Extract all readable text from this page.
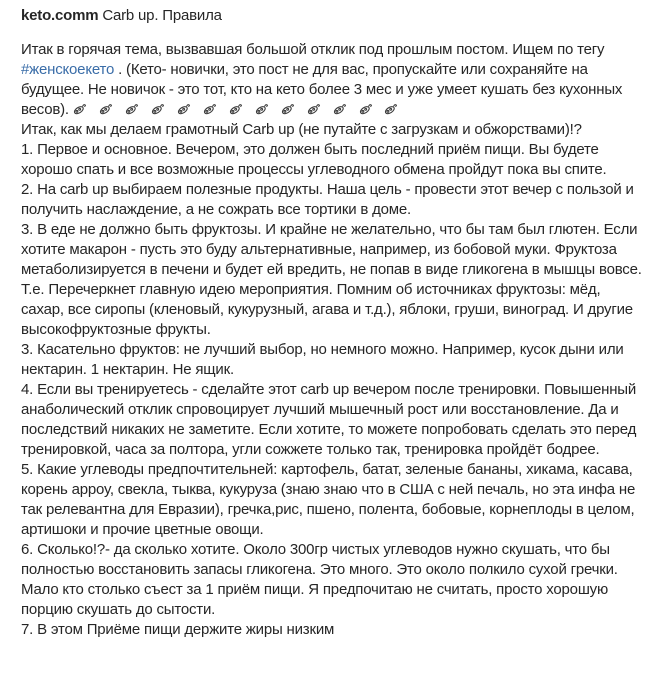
keto.comm Carb up. Правила
Итак в горячая тема, вызвавшая большой отклик под прошлым постом. Ищем по тегу #женскоекето . (Кето- новички, это пост не для вас, пропускайте или сохраняйте на будущее. Не новичок - это тот, кто на кето более 3 мес и уже умеет кушать без кухонных весов).
Итак, как мы делаем грамотный Carb up (не путайте с загрузкам и обжорствами)!?
1. Первое и основное. Вечером, это должен быть последний приём пищи. Вы будете хорошо спать и все возможные процессы углеводного обмена пройдут пока вы спите.
2. На carb up выбираем полезные продукты. Наша цель - провести этот вечер с пользой и получить наслаждение, а не сожрать все тортики в доме.
3. В еде не должно быть фруктозы. И крайне не желательно, что бы там был глютен. Если хотите макарон - пусть это буду альтернативные, например, из бобовой муки. Фруктоза метаболизируется в печени и будет ей вредить, не попав в виде гликогена в мышцы вовсе. Т.е. Перечеркнет главную идею мероприятия. Помним об источниках фруктозы: мёд, сахар, все сиропы (кленовый, кукурузный, агава и т.д.), яблоки, груши, виноград. И другие высокофруктозные фрукты.
3. Касательно фруктов: не лучший выбор, но немного можно. Например, кусок дыни или нектарин. 1 нектарин. Не ящик.
4. Если вы тренируетесь - сделайте этот carb up вечером после тренировки. Повышенный анаболический отклик спровоцирует лучший мышечный рост или восстановление. Да и последствий никаких не заметите. Если хотите, то можете попробовать сделать это перед тренировкой, часа за полтора, угли сожжете только так, тренировка пройдёт бодрее.
5. Какие углеводы предпочтительней: картофель, батат, зеленые бананы, хикама, касава, корень арроу, свекла, тыква, кукуруза (знаю знаю что в США с ней печаль, но эта инфа не так релевантна для Евразии), гречка,рис, пшено, полента, бобовые, корнеплоды в целом, артишоки и прочие цветные овощи.
6. Сколько!?- да сколько хотите. Около 300гр чистых углеводов нужно скушать, что бы полностью восстановить запасы гликогена. Это много. Это около полкило сухой гречки. Мало кто столько съест за 1 приём пищи. Я предпочитаю не считать, просто хорошую порцию скушать до сытости.
7. В этом Приёме пищи держите жиры низким
